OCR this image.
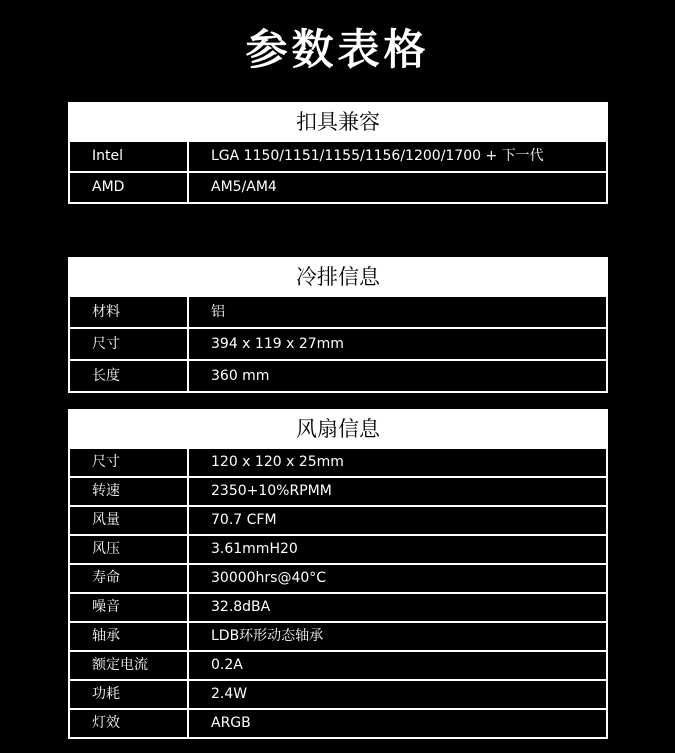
参数表格
扣具兼容
Intel	LGA 1150/1151/1155/1156/1200/1700 + 下一代
AMD	AM5/AM4
冷排信息
材料	铝
尺寸	394 x 119 x 27mm
长度	360 mm
风扇信息
尺寸	120 x 120 x 25mm
转速	2350+10%RPMM
风量	70.7 CFM
风压	3.61mmH20
寿命	30000hrs@40°C
噪音	32.8dBA
轴承	LDB环形动态轴承
额定电流	0.2A
功耗	2.4W
灯效	ARGB
